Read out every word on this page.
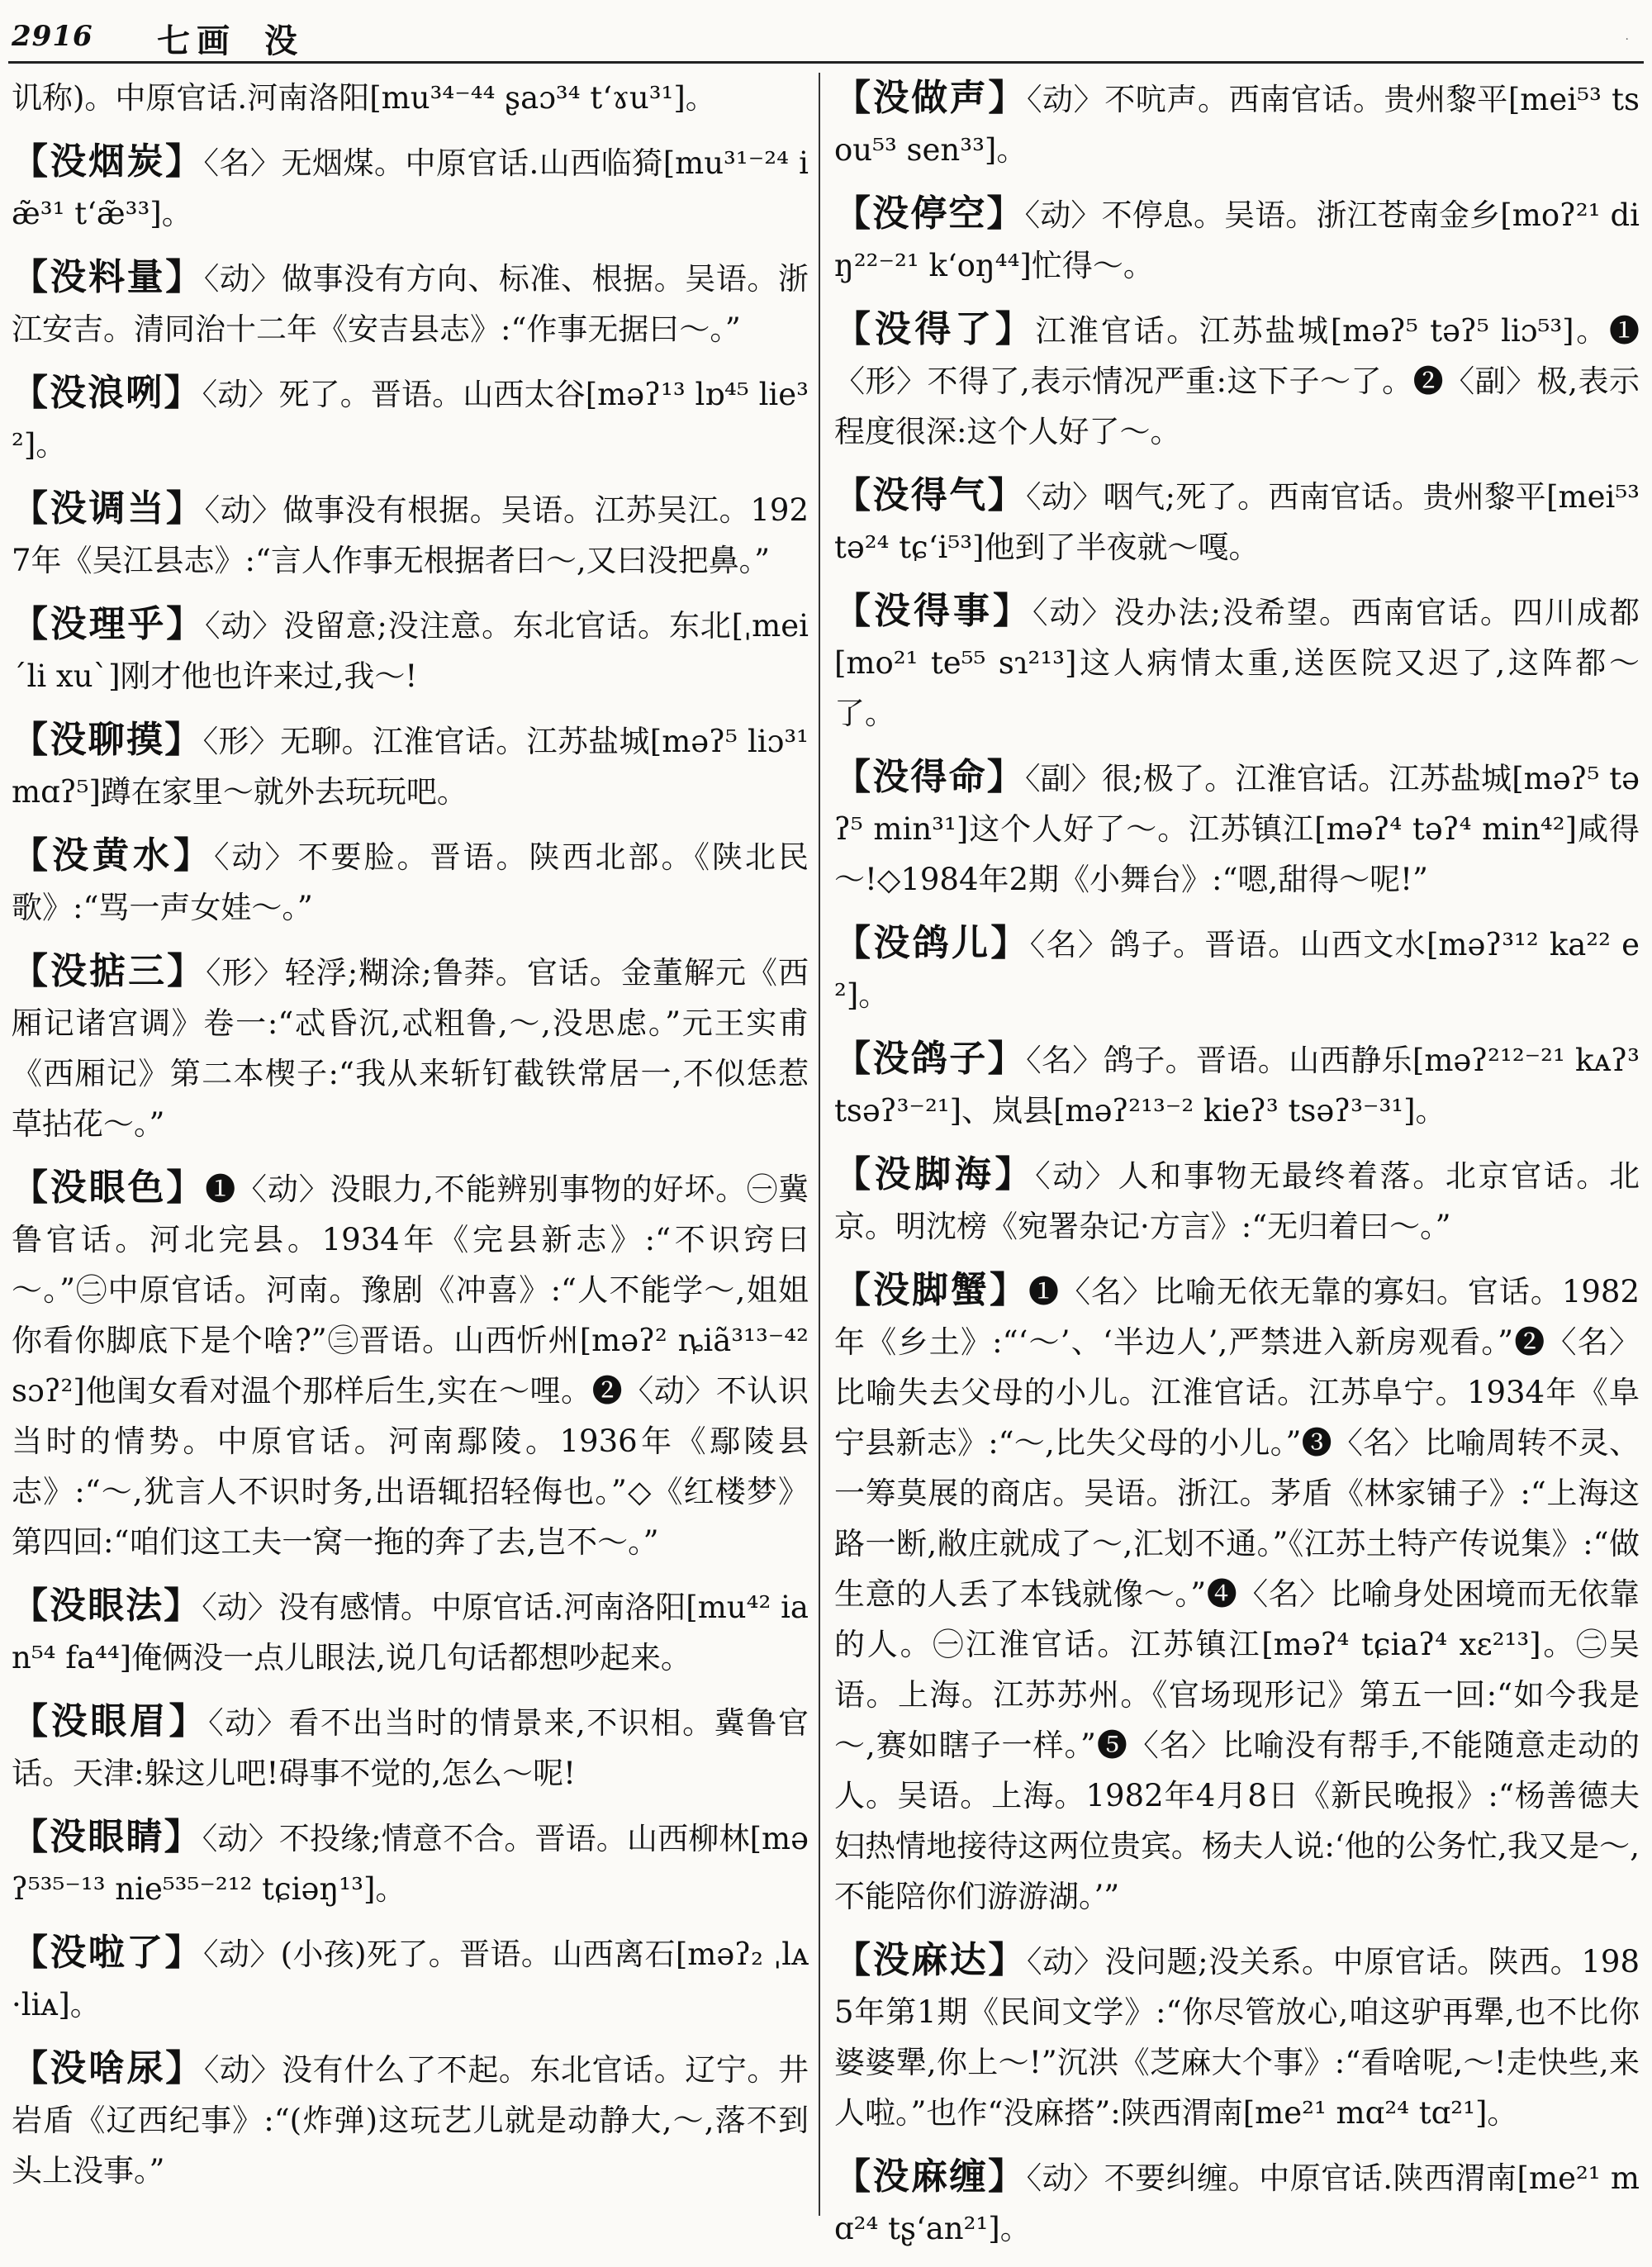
2916 七画 没	·

讥称)。中原官话.河南洛阳[mu³⁴⁻⁴⁴ ʂaɔ³⁴ tʻɤu³¹]。

【没烟炭】〈名〉无烟煤。中原官话.山西临猗[mu³¹⁻²⁴ iæ̃³¹ tʻæ̃³³]。

【没料量】〈动〉做事没有方向、标准、根据。吴语。浙江安吉。清同治十二年《安吉县志》:“作事无据曰～。”

【没浪咧】〈动〉死了。晋语。山西太谷[məʔ¹³ lɒ⁴⁵ lie³²]。

【没调当】〈动〉做事没有根据。吴语。江苏吴江。1927年《吴江县志》:“言人作事无根据者曰～,又曰没把鼻。”

【没理乎】〈动〉没留意;没注意。东北官话。东北[ˌmei ˊli xuˋ]刚才他也许来过,我～!

【没聊摸】〈形〉无聊。江淮官话。江苏盐城[məʔ⁵ liɔ³¹ mɑʔ⁵]蹲在家里～就外去玩玩吧。

【没黄水】〈动〉不要脸。晋语。陕西北部。《陕北民歌》:“骂一声女娃～。”

【没掂三】〈形〉轻浮;糊涂;鲁莽。官话。金董解元《西厢记诸宫调》卷一:“忒昏沉,忒粗鲁,～,没思虑。”元王实甫《西厢记》第二本楔子:“我从来斩钉截铁常居一,不似恁惹草拈花～。”

【没眼色】❶〈动〉没眼力,不能辨别事物的好坏。㊀冀鲁官话。河北完县。1934年《完县新志》:“不识窍曰～。”㊁中原官话。河南。豫剧《冲喜》:“人不能学～,姐姐你看你脚底下是个啥?”㊂晋语。山西忻州[məʔ² ȵiã³¹³⁻⁴² sɔʔ²]他闺女看对温个那样后生,实在～哩。❷〈动〉不认识当时的情势。中原官话。河南鄢陵。1936年《鄢陵县志》:“～,犹言人不识时务,出语辄招轻侮也。”◇《红楼梦》第四回:“咱们这工夫一窝一拖的奔了去,岂不～。”

【没眼法】〈动〉没有感情。中原官话.河南洛阳[mu⁴² ian⁵⁴ fa⁴⁴]俺俩没一点儿眼法,说几句话都想吵起来。

【没眼眉】〈动〉看不出当时的情景来,不识相。冀鲁官话。天津:躲这儿吧!碍事不觉的,怎么～呢!

【没眼睛】〈动〉不投缘;情意不合。晋语。山西柳林[məʔ⁵³⁵⁻¹³ nie⁵³⁵⁻²¹² tɕiəŋ¹³]。

【没啦了】〈动〉(小孩)死了。晋语。山西离石[məʔ₂ ˌlᴀ ·liᴀ]。

【没啥尿】〈动〉没有什么了不起。东北官话。辽宁。井岩盾《辽西纪事》:“(炸弹)这玩艺儿就是动静大,～,落不到头上没事。”

【没做声】〈动〉不吭声。西南官话。贵州黎平[mei⁵³ tsou⁵³ sen³³]。

【没停空】〈动〉不停息。吴语。浙江苍南金乡[moʔ²¹ diŋ²²⁻²¹ kʻoŋ⁴⁴]忙得～。

【没得了】江淮官话。江苏盐城[məʔ⁵ təʔ⁵ liɔ⁵³]。❶〈形〉不得了,表示情况严重:这下子～了。❷〈副〉极,表示程度很深:这个人好了～。

【没得气】〈动〉咽气;死了。西南官话。贵州黎平[mei⁵³ tə²⁴ tɕʻi⁵³]他到了半夜就～嘎。

【没得事】〈动〉没办法;没希望。西南官话。四川成都[mo²¹ te⁵⁵ sɿ²¹³]这人病情太重,送医院又迟了,这阵都～了。

【没得命】〈副〉很;极了。江淮官话。江苏盐城[məʔ⁵ təʔ⁵ min³¹]这个人好了～。江苏镇江[məʔ⁴ təʔ⁴ min⁴²]咸得～!◇1984年2期《小舞台》:“嗯,甜得～呢!”

【没鸽儿】〈名〉鸽子。晋语。山西文水[məʔ³¹² ka²² e²]。

【没鸽子】〈名〉鸽子。晋语。山西静乐[məʔ²¹²⁻²¹ kᴀʔ³ tsəʔ³⁻²¹]、岚县[məʔ²¹³⁻² kieʔ³ tsəʔ³⁻³¹]。

【没脚海】〈动〉人和事物无最终着落。北京官话。北京。明沈榜《宛署杂记·方言》:“无归着曰～。”

【没脚蟹】❶〈名〉比喻无依无靠的寡妇。官话。1982年《乡土》:“‘～’、‘半边人’,严禁进入新房观看。”❷〈名〉比喻失去父母的小儿。江淮官话。江苏阜宁。1934年《阜宁县新志》:“～,比失父母的小儿。”❸〈名〉比喻周转不灵、一筹莫展的商店。吴语。浙江。茅盾《林家铺子》:“上海这路一断,敝庄就成了～,汇划不通。”《江苏土特产传说集》:“做生意的人丢了本钱就像～。”❹〈名〉比喻身处困境而无依靠的人。㊀江淮官话。江苏镇江[məʔ⁴ tɕiaʔ⁴ xɛ²¹³]。㊁吴语。上海。江苏苏州。《官场现形记》第五一回:“如今我是～,赛如瞎子一样。”❺〈名〉比喻没有帮手,不能随意走动的人。吴语。上海。1982年4月8日《新民晚报》:“杨善德夫妇热情地接待这两位贵宾。杨夫人说:‘他的公务忙,我又是～,不能陪你们游游湖。’”

【没麻达】〈动〉没问题;没关系。中原官话。陕西。1985年第1期《民间文学》:“你尽管放心,咱这驴再犟,也不比你婆婆犟,你上～!”沉洪《芝麻大个事》:“看啥呢,～!走快些,来人啦。”也作“没麻搭”:陕西渭南[me²¹ mɑ²⁴ tɑ²¹]。

【没麻缠】〈动〉不要纠缠。中原官话.陕西渭南[me²¹ mɑ²⁴ tʂʻan²¹]。
